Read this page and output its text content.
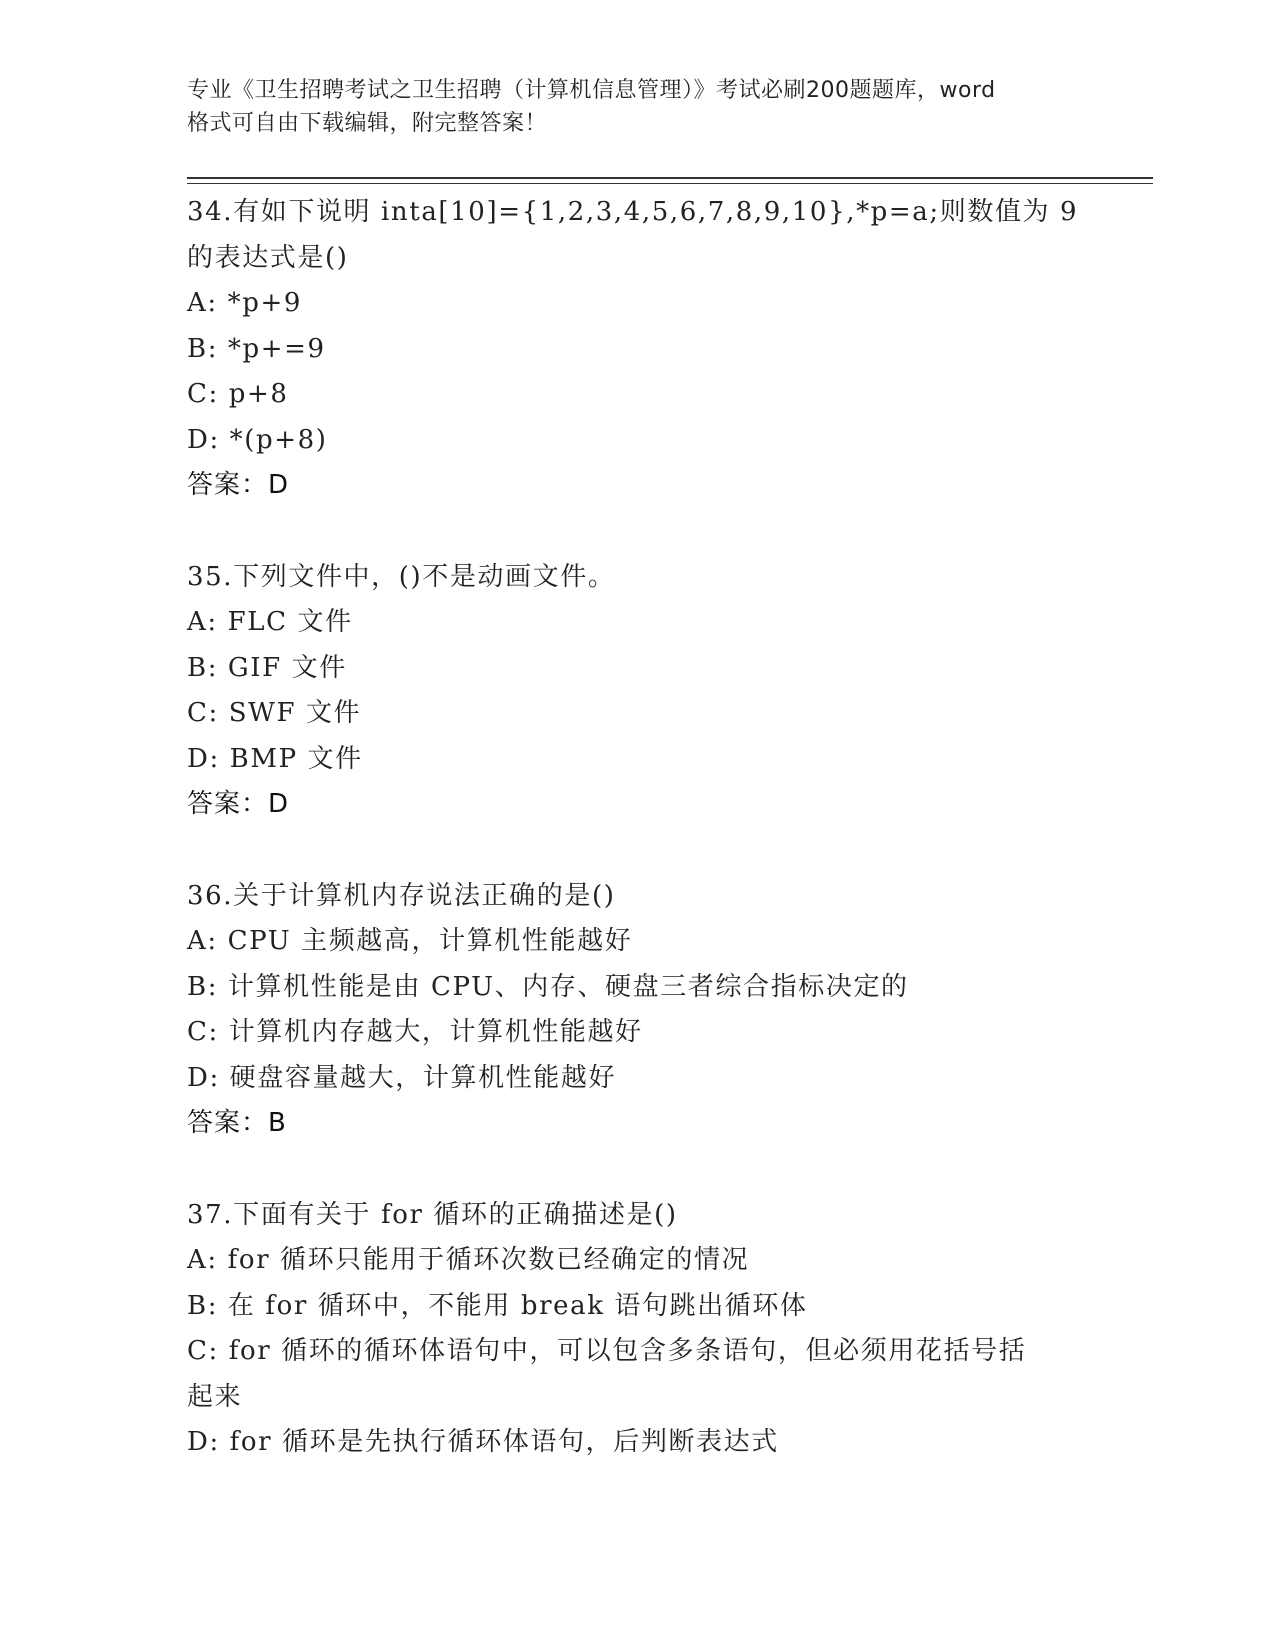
专业《卫生招聘考试之卫生招聘（计算机信息管理）》考试必刷200题题库，word
格式可自由下载编辑，附完整答案！
34.有如下说明 inta[10]={1,2,3,4,5,6,7,8,9,10},*p=a;则数值为 9
的表达式是()
A: *p+9
B: *p+=9
C: p+8
D: *(p+8)
答案：D
35.下列文件中，()不是动画文件。
A: FLC 文件
B: GIF 文件
C: SWF 文件
D: BMP 文件
答案：D
36.关于计算机内存说法正确的是()
A: CPU 主频越高，计算机性能越好
B: 计算机性能是由 CPU、内存、硬盘三者综合指标决定的
C: 计算机内存越大，计算机性能越好
D: 硬盘容量越大，计算机性能越好
答案：B
37.下面有关于 for 循环的正确描述是()
A: for 循环只能用于循环次数已经确定的情况
B: 在 for 循环中，不能用 break 语句跳出循环体
C: for 循环的循环体语句中，可以包含多条语句，但必须用花括号括
起来
D: for 循环是先执行循环体语句，后判断表达式
